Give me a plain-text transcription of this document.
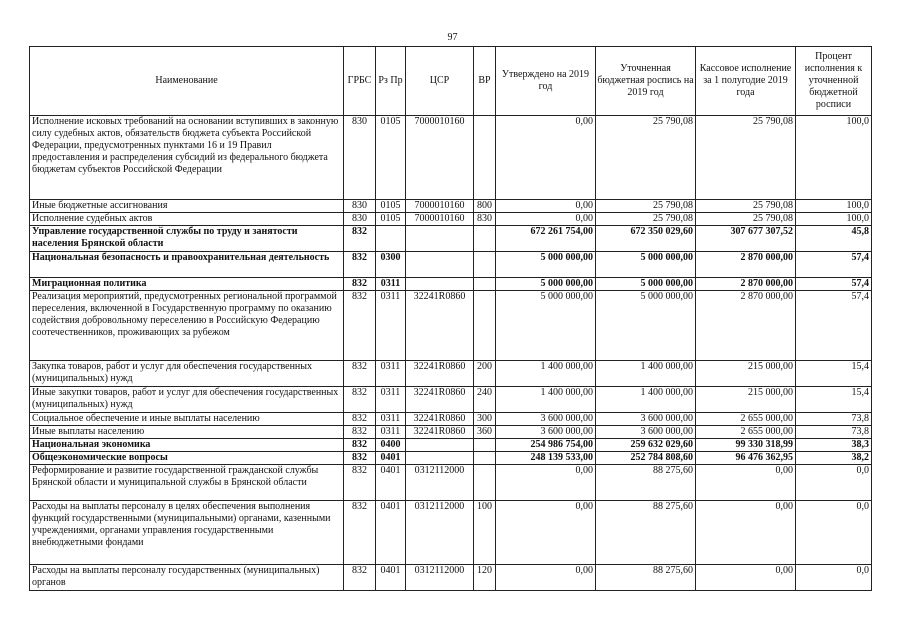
97
Наименование	ГРБС	Рз Пр	ЦСР	ВР	Утверждено на 2019 год	Уточненная бюджетная роспись на 2019 год	Кассовое исполнение за 1 полугодие 2019 года	Процент исполнения к уточненной бюджетной росписи
Исполнение исковых требований на основании вступивших в законную силу судебных актов, обязательств бюджета субъекта Российской Федерации, предусмотренных пунктами 16 и 19 Правил предоставления и распределения субсидий из федерального бюджета бюджетам субъектов Российской Федерации	830	0105	7000010160		0,00	25 790,08	25 790,08	100,0
Иные бюджетные ассигнования	830	0105	7000010160	800	0,00	25 790,08	25 790,08	100,0
Исполнение судебных актов	830	0105	7000010160	830	0,00	25 790,08	25 790,08	100,0
Управление государственной службы по труду и занятости населения Брянской области	832				672 261 754,00	672 350 029,60	307 677 307,52	45,8
Национальная безопасность и правоохранительная деятельность	832	0300			5 000 000,00	5 000 000,00	2 870 000,00	57,4
Миграционная политика	832	0311			5 000 000,00	5 000 000,00	2 870 000,00	57,4
Реализация мероприятий, предусмотренных региональной программой переселения, включенной в Государственную программу по оказанию содействия добровольному переселению в Российскую Федерацию соотечественников, проживающих за рубежом	832	0311	32241R0860		5 000 000,00	5 000 000,00	2 870 000,00	57,4
Закупка товаров, работ и услуг для обеспечения государственных (муниципальных) нужд	832	0311	32241R0860	200	1 400 000,00	1 400 000,00	215 000,00	15,4
Иные закупки товаров, работ и услуг для обеспечения государственных (муниципальных) нужд	832	0311	32241R0860	240	1 400 000,00	1 400 000,00	215 000,00	15,4
Социальное обеспечение и иные выплаты населению	832	0311	32241R0860	300	3 600 000,00	3 600 000,00	2 655 000,00	73,8
Иные выплаты населению	832	0311	32241R0860	360	3 600 000,00	3 600 000,00	2 655 000,00	73,8
Национальная экономика	832	0400			254 986 754,00	259 632 029,60	99 330 318,99	38,3
Общеэкономические вопросы	832	0401			248 139 533,00	252 784 808,60	96 476 362,95	38,2
Реформирование и развитие государственной гражданской службы Брянской области и муниципальной службы в Брянской области	832	0401	0312112000		0,00	88 275,60	0,00	0,0
Расходы на выплаты персоналу в целях обеспечения выполнения функций государственными (муниципальными) органами, казенными учреждениями, органами управления государственными внебюджетными фондами	832	0401	0312112000	100	0,00	88 275,60	0,00	0,0
Расходы на выплаты персоналу государственных (муниципальных) органов	832	0401	0312112000	120	0,00	88 275,60	0,00	0,0
